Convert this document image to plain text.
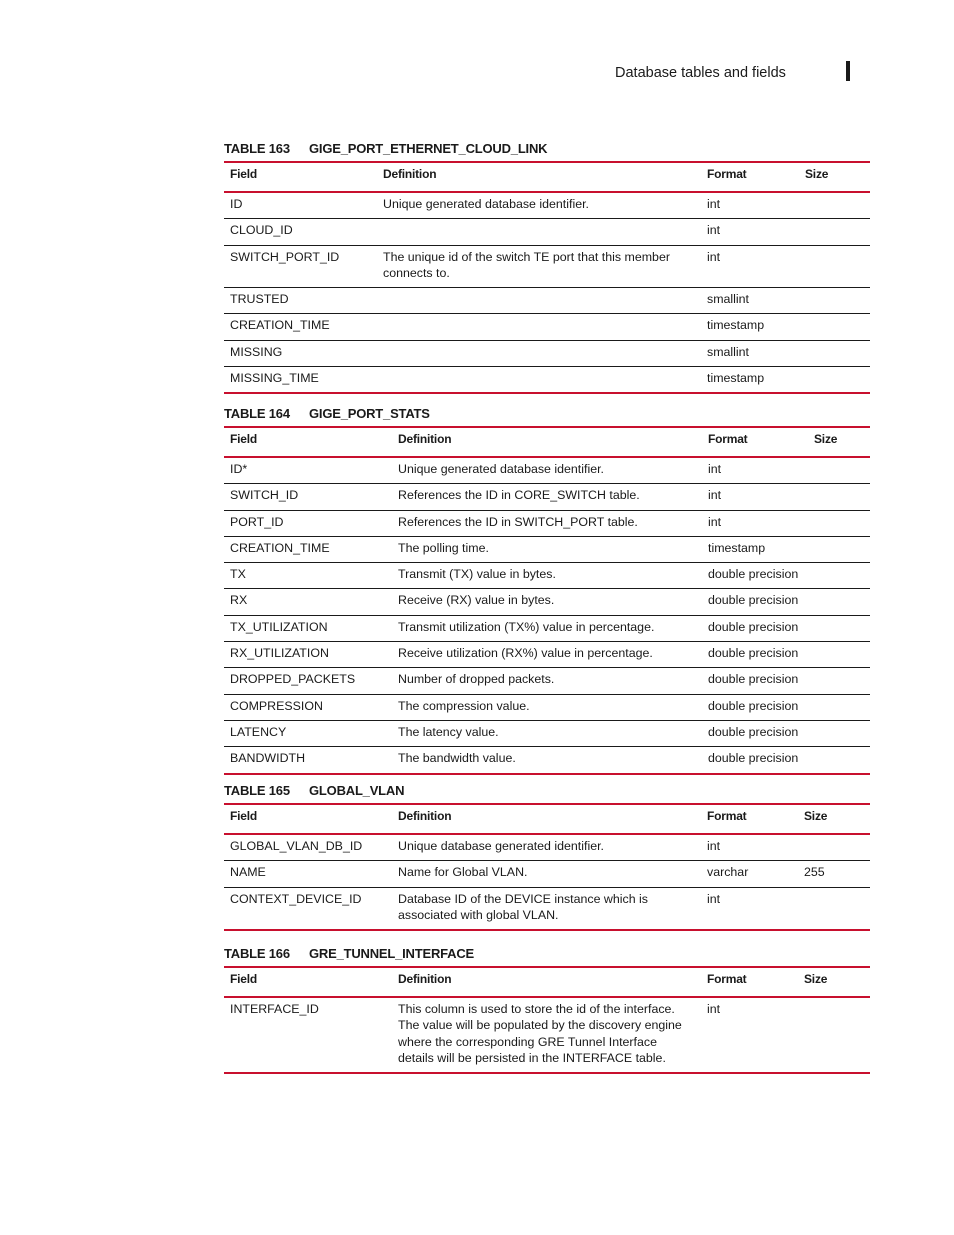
Database tables and fields
TABLE 163 GIGE_PORT_ETHERNET_CLOUD_LINK
Field	Definition	Format	Size
ID	Unique generated database identifier.	int	
CLOUD_ID		int	
SWITCH_PORT_ID	The unique id of the switch TE port that this member connects to.	int	
TRUSTED		smallint	
CREATION_TIME		timestamp	
MISSING		smallint	
MISSING_TIME		timestamp	
TABLE 164 GIGE_PORT_STATS
Field	Definition	Format	Size
ID*	Unique generated database identifier.	int	
SWITCH_ID	References the ID in CORE_SWITCH table.	int	
PORT_ID	References the ID in SWITCH_PORT table.	int	
CREATION_TIME	The polling time.	timestamp	
TX	Transmit (TX) value in bytes.	double precision	
RX	Receive (RX) value in bytes.	double precision	
TX_UTILIZATION	Transmit utilization (TX%) value in percentage.	double precision	
RX_UTILIZATION	Receive utilization (RX%) value in percentage.	double precision	
DROPPED_PACKETS	Number of dropped packets.	double precision	
COMPRESSION	The compression value.	double precision	
LATENCY	The latency value.	double precision	
BANDWIDTH	The bandwidth value.	double precision	
TABLE 165 GLOBAL_VLAN
Field	Definition	Format	Size
GLOBAL_VLAN_DB_ID	Unique database generated identifier.	int	
NAME	Name for Global VLAN.	varchar	255
CONTEXT_DEVICE_ID	Database ID of the DEVICE instance which is associated with global VLAN.	int	
TABLE 166 GRE_TUNNEL_INTERFACE
Field	Definition	Format	Size
INTERFACE_ID	This column is used to store the id of the interface. The value will be populated by the discovery engine where the corresponding GRE Tunnel Interface details will be persisted in the INTERFACE table.	int	
